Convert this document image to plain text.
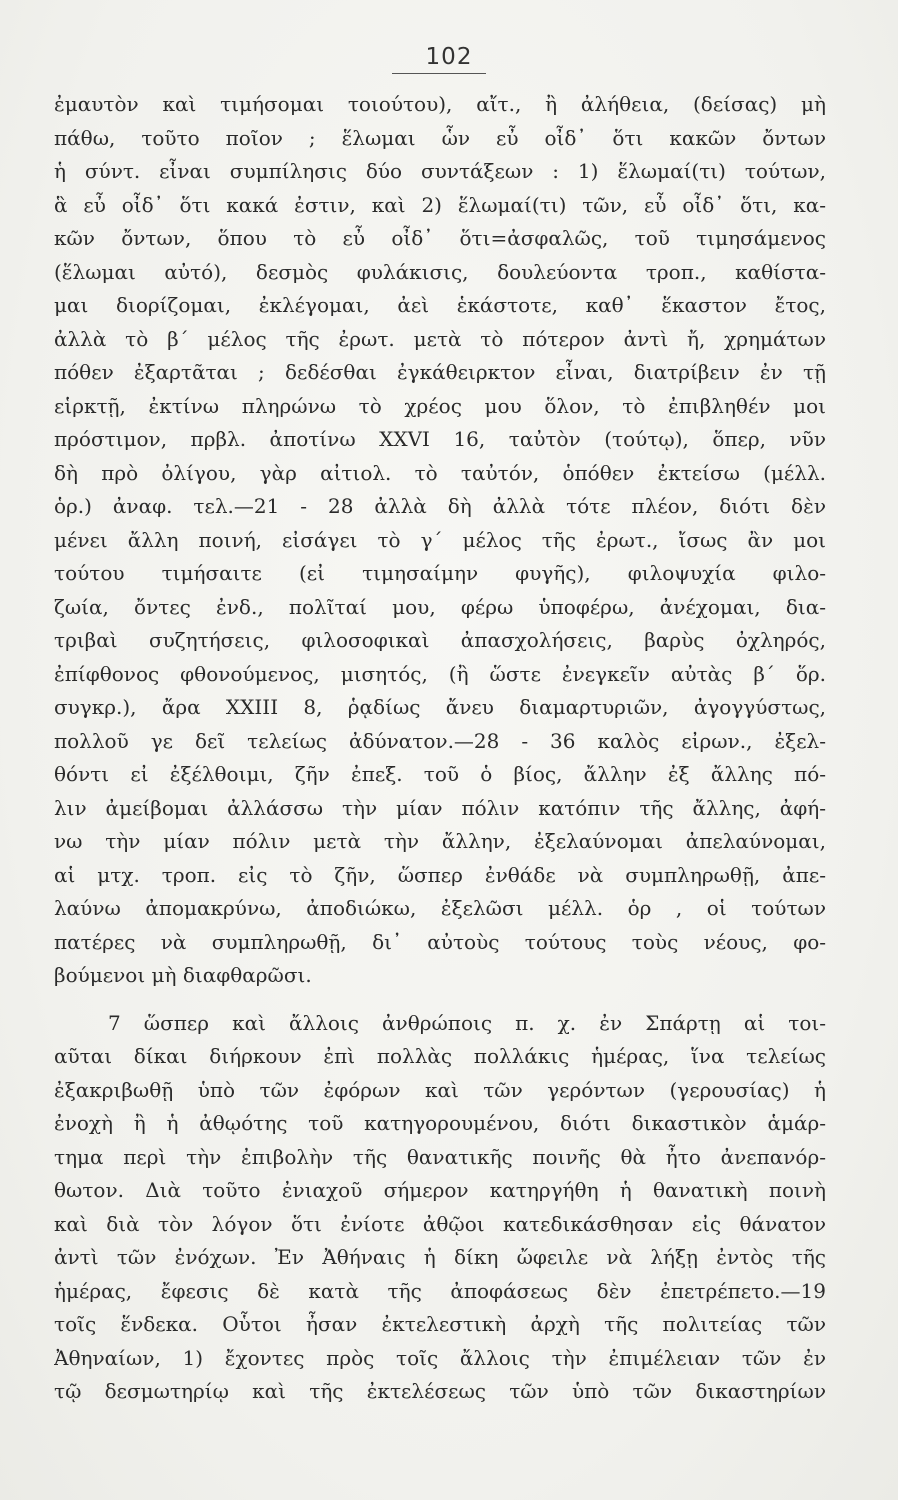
102
ἐμαυτὸν καὶ τιμήσομαι τοιούτου), αἴτ., ἢ ἀλήθεια, (δείσας) μὴ
πάθω, τοῦτο ποῖον ; ἕλωμαι ὧν εὖ οἶδ᾿ ὅτι κακῶν ὄντων
ἡ σύντ. εἶναι συμπίλησις δύο συντάξεων : 1) ἕλωμαί(τι) τούτων,
ἃ εὖ οἶδ᾿ ὅτι κακά ἐστιν, καὶ 2) ἕλωμαί(τι) τῶν, εὖ οἶδ᾿ ὅτι, κα-
κῶν ὄντων, ὅπου τὸ εὖ οἶδ᾿ ὅτι=ἀσφαλῶς, τοῦ τιμησάμενος
(ἕλωμαι αὐτό), δεσμὸς φυλάκισις, δουλεύοντα τροπ., καθίστα-
μαι διορίζομαι, ἐκλέγομαι, ἀεὶ ἑκάστοτε, καθ᾿ ἕκαστον ἔτος,
ἀλλὰ τὸ β΄ μέλος τῆς ἐρωτ. μετὰ τὸ πότερον ἀντὶ ἤ, χρημάτων
πόθεν ἐξαρτᾶται ; δεδέσθαι ἐγκάθειρκτον εἶναι, διατρίβειν ἐν τῇ
εἱρκτῇ, ἐκτίνω πληρώνω τὸ χρέος μου ὅλον, τὸ ἐπιβληθέν μοι
πρόστιμον, πρβλ. ἀποτίνω XXVI 16, ταὐτὸν (τούτῳ), ὅπερ, νῦν
δὴ πρὸ ὀλίγου, γὰρ αἰτιολ. τὸ ταὐτόν, ὁπόθεν ἐκτείσω (μέλλ.
ὁρ.) ἀναφ. τελ.—21 - 28 ἀλλὰ δὴ ἀλλὰ τότε πλέον, διότι δὲν
μένει ἄλλη ποινή, εἰσάγει τὸ γ΄ μέλος τῆς ἐρωτ., ἴσως ἂν μοι
τούτου τιμήσαιτε (εἰ τιμησαίμην φυγῆς), φιλοψυχία φιλο-
ζωία, ὄντες ἐνδ., πολῖταί μου, φέρω ὑποφέρω, ἀνέχομαι, δια-
τριβαὶ συζητήσεις, φιλοσοφικαὶ ἀπασχολήσεις, βαρὺς ὀχληρός,
ἐπίφθονος φθονούμενος, μισητός, (ἢ ὥστε ἐνεγκεῖν αὐτὰς β΄ ὅρ.
συγκρ.), ἄρα XXIII 8, ῥᾳδίως ἄνευ διαμαρτυριῶν, ἀγογγύστως,
πολλοῦ γε δεῖ τελείως ἀδύνατον.—28 - 36 καλὸς εἰρων., ἐξελ-
θόντι εἰ ἐξέλθοιμι, ζῆν ἐπεξ. τοῦ ὁ βίος, ἄλλην ἐξ ἄλλης πό-
λιν ἀμείβομαι ἀλλάσσω τὴν μίαν πόλιν κατόπιν τῆς ἄλλης, ἀφή-
νω τὴν μίαν πόλιν μετὰ τὴν ἄλλην, ἐξελαύνομαι ἀπελαύνομαι,
αἱ μτχ. τροπ. εἰς τὸ ζῆν, ὥσπερ ἐνθάδε νὰ συμπληρωθῇ, ἀπε-
λαύνω ἀπομακρύνω, ἀποδιώκω, ἐξελῶσι μέλλ. ὁρ , οἱ τούτων
πατέρες νὰ συμπληρωθῇ, δι᾿ αὐτοὺς τούτους τοὺς νέους, φο-
βούμενοι μὴ διαφθαρῶσι.
7 ὥσπερ καὶ ἄλλοις ἀνθρώποις π. χ. ἐν Σπάρτῃ αἱ τοι-
αῦται δίκαι διήρκουν ἐπὶ πολλὰς πολλάκις ἡμέρας, ἵνα τελείως
ἐξακριβωθῇ ὑπὸ τῶν ἐφόρων καὶ τῶν γερόντων (γερουσίας) ἡ
ἐνοχὴ ἢ ἡ ἀθῳότης τοῦ κατηγορουμένου, διότι δικαστικὸν ἁμάρ-
τημα περὶ τὴν ἐπιβολὴν τῆς θανατικῆς ποινῆς θὰ ἦτο ἀνεπανόρ-
θωτον. Διὰ τοῦτο ἐνιαχοῦ σήμερον κατηργήθη ἡ θανατικὴ ποινὴ
καὶ διὰ τὸν λόγον ὅτι ἐνίοτε ἀθῷοι κατεδικάσθησαν εἰς θάνατον
ἀντὶ τῶν ἐνόχων. Ἐν Ἀθήναις ἡ δίκη ὤφειλε νὰ λήξῃ ἐντὸς τῆς
ἡμέρας, ἔφεσις δὲ κατὰ τῆς ἀποφάσεως δὲν ἐπετρέπετο.—19
τοῖς ἕνδεκα. Οὗτοι ἦσαν ἐκτελεστικὴ ἀρχὴ τῆς πολιτείας τῶν
Ἀθηναίων, 1) ἔχοντες πρὸς τοῖς ἄλλοις τὴν ἐπιμέλειαν τῶν ἐν
τῷ δεσμωτηρίῳ καὶ τῆς ἐκτελέσεως τῶν ὑπὸ τῶν δικαστηρίων
